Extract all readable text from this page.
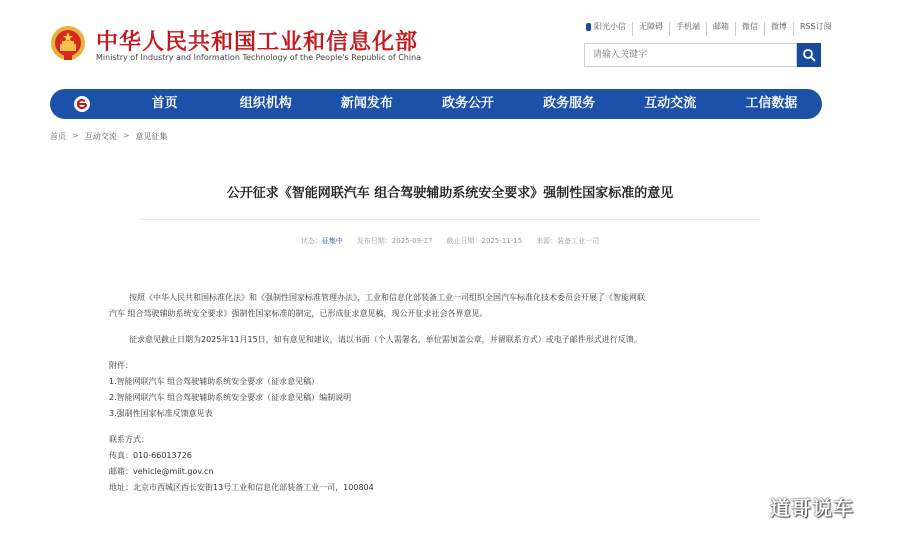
中华人民共和国工业和信息化部
Ministry of Industry and Information Technology of the People's Republic of China
阳光小信	无障碍	手机端	邮箱	微信	微博	RSS订阅
请输入关键字
首页	组织机构	新闻发布	政务公开	政务服务	互动交流	工信数据
首页 > 互动交流 > 意见征集
公开征求《智能网联汽车 组合驾驶辅助系统安全要求》强制性国家标准的意见
状态：征集中 发布日期：2025-09-17 截止日期：2025-11-15 来源：装备工业一司
按照《中华人民共和国标准化法》和《强制性国家标准管理办法》，工业和信息化部装备工业一司组织全国汽车标准化技术委员会开展了《智能网联
汽车 组合驾驶辅助系统安全要求》强制性国家标准的制定，已形成征求意见稿，现公开征求社会各界意见。
征求意见截止日期为2025年11月15日，如有意见和建议，请以书面（个人需署名，单位需加盖公章，并留联系方式）或电子邮件形式进行反馈。
附件：
1.智能网联汽车 组合驾驶辅助系统安全要求（征求意见稿）
2.智能网联汽车 组合驾驶辅助系统安全要求（征求意见稿）编制说明
3.强制性国家标准反馈意见表
联系方式：
传真：010-66013726
邮箱：vehicle@miit.gov.cn
地址：北京市西城区西长安街13号工业和信息化部装备工业一司，100804
道哥说车
